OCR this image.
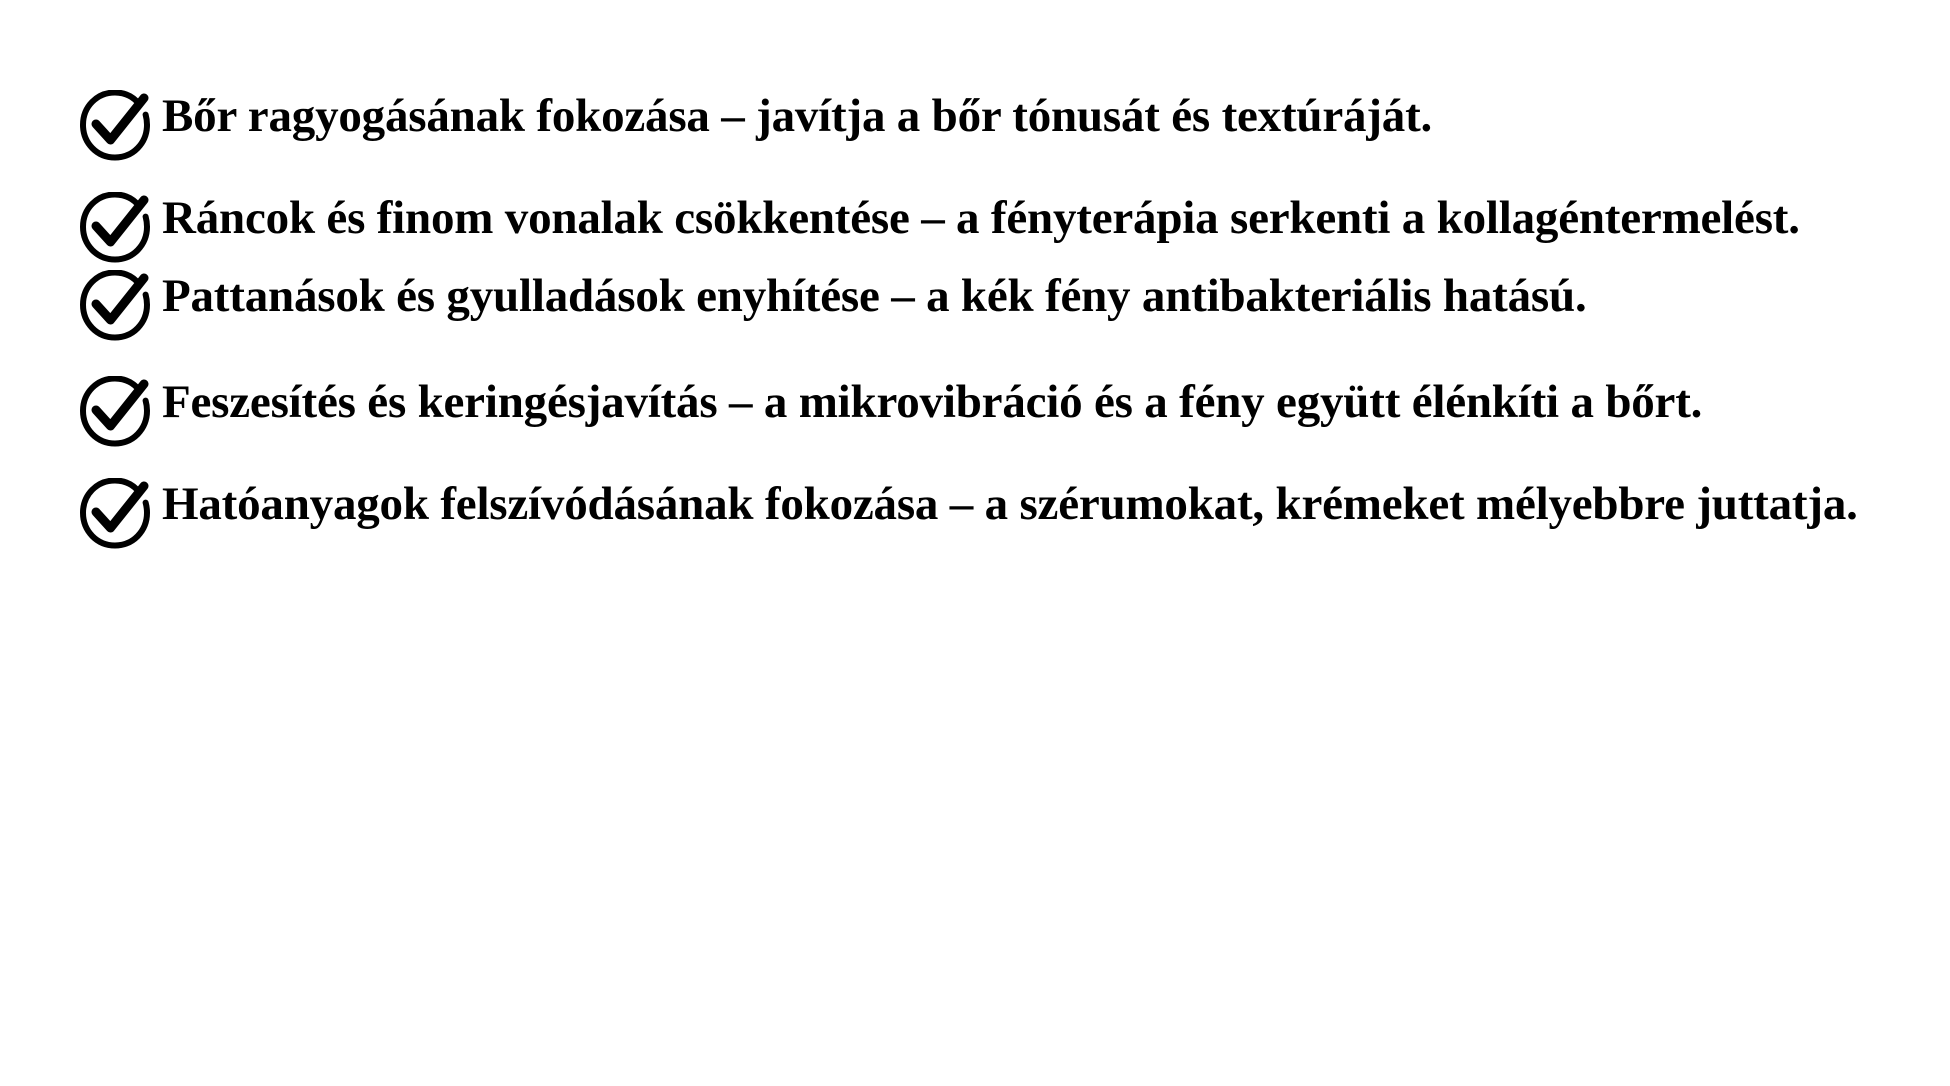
Bőr ragyogásának fokozása – javítja a bőr tónusát és textúráját.
Ráncok és finom vonalak csökkentése – a fényterápia serkenti a kollagéntermelést.
Pattanások és gyulladások enyhítése – a kék fény antibakteriális hatású.
Feszesítés és keringésjavítás – a mikrovibráció és a fény együtt élénkíti a bőrt.
Hatóanyagok felszívódásának fokozása – a szérumokat, krémeket mélyebbre juttatja.
